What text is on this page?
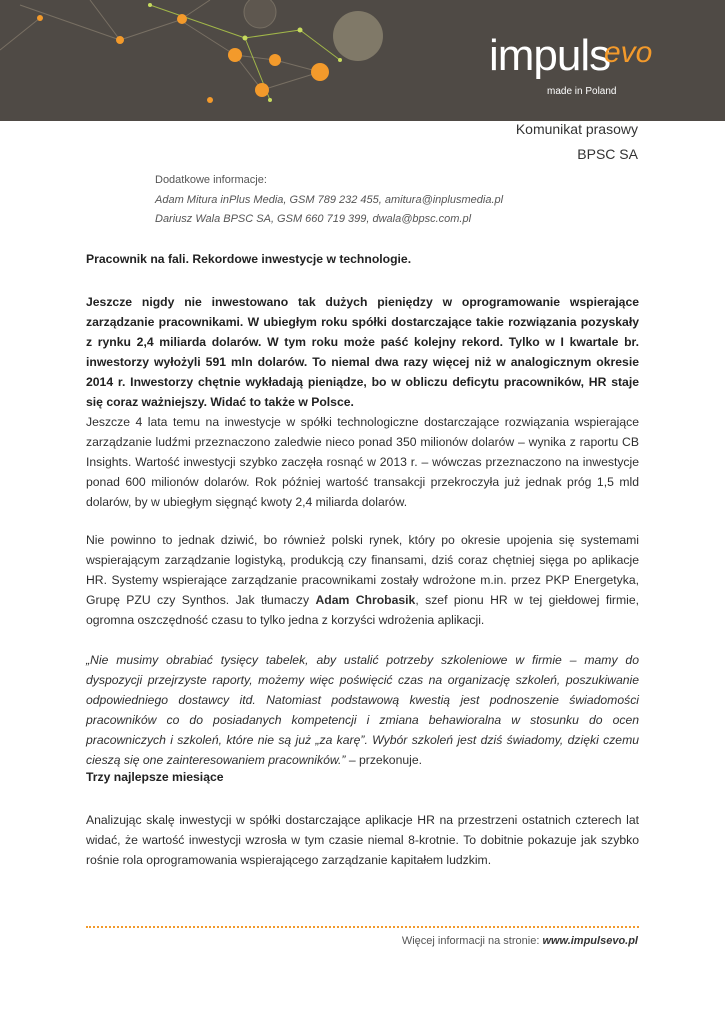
impuls
evo
made in Poland
Komunikat prasowy
BPSC SA
Dodatkowe informacje:
Adam Mitura inPlus Media, GSM 789 232 455, amitura@inplusmedia.pl
Dariusz Wala BPSC SA, GSM 660 719 399, dwala@bpsc.com.pl
Pracownik na fali. Rekordowe inwestycje w technologie.
Jeszcze nigdy nie inwestowano tak dużych pieniędzy w oprogramowanie wspierające zarządzanie pracownikami. W ubiegłym roku spółki dostarczające takie rozwiązania pozyskały z rynku 2,4 miliarda dolarów. W tym roku może paść kolejny rekord. Tylko w I kwartale br. inwestorzy wyłożyli 591 mln dolarów. To niemal dwa razy więcej niż w analogicznym okresie 2014 r. Inwestorzy chętnie wykładają pieniądze, bo w obliczu deficytu pracowników, HR staje się coraz ważniejszy. Widać to także w Polsce.
Jeszcze 4 lata temu na inwestycje w spółki technologiczne dostarczające rozwiązania wspierające zarządzanie ludźmi przeznaczono zaledwie nieco ponad 350 milionów dolarów – wynika z raportu CB Insights. Wartość inwestycji szybko zaczęła rosnąć w 2013 r. – wówczas przeznaczono na inwestycje ponad 600 milionów dolarów. Rok później wartość transakcji przekroczyła już jednak próg 1,5 mld dolarów, by w ubiegłym sięgnąć kwoty 2,4 miliarda dolarów.
Nie powinno to jednak dziwić, bo również polski rynek, który po okresie upojenia się systemami wspierającym zarządzanie logistyką, produkcją czy finansami, dziś coraz chętniej sięga po aplikacje HR. Systemy wspierające zarządzanie pracownikami zostały wdrożone m.in. przez PKP Energetyka, Grupę PZU czy Synthos. Jak tłumaczy Adam Chrobasik, szef pionu HR w tej giełdowej firmie, ogromna oszczędność czasu to tylko jedna z korzyści wdrożenia aplikacji.
„Nie musimy obrabiać tysięcy tabelek, aby ustalić potrzeby szkoleniowe w firmie – mamy do dyspozycji przejrzyste raporty, możemy więc poświęcić czas na organizację szkoleń, poszukiwanie odpowiedniego dostawcy itd. Natomiast podstawową kwestią jest podnoszenie świadomości pracowników co do posiadanych kompetencji i zmiana behawioralna w stosunku do ocen pracowniczych i szkoleń, które nie są już „za karę”. Wybór szkoleń jest dziś świadomy, dzięki czemu cieszą się one zainteresowaniem pracowników.” – przekonuje.
Trzy najlepsze miesiące
Analizując skalę inwestycji w spółki dostarczające aplikacje HR na przestrzeni ostatnich czterech lat widać, że wartość inwestycji wzrosła w tym czasie niemal 8-krotnie. To dobitnie pokazuje jak szybko rośnie rola oprogramowania wspierającego zarządzanie kapitałem ludzkim.
Więcej informacji na stronie: www.impulsevo.pl
